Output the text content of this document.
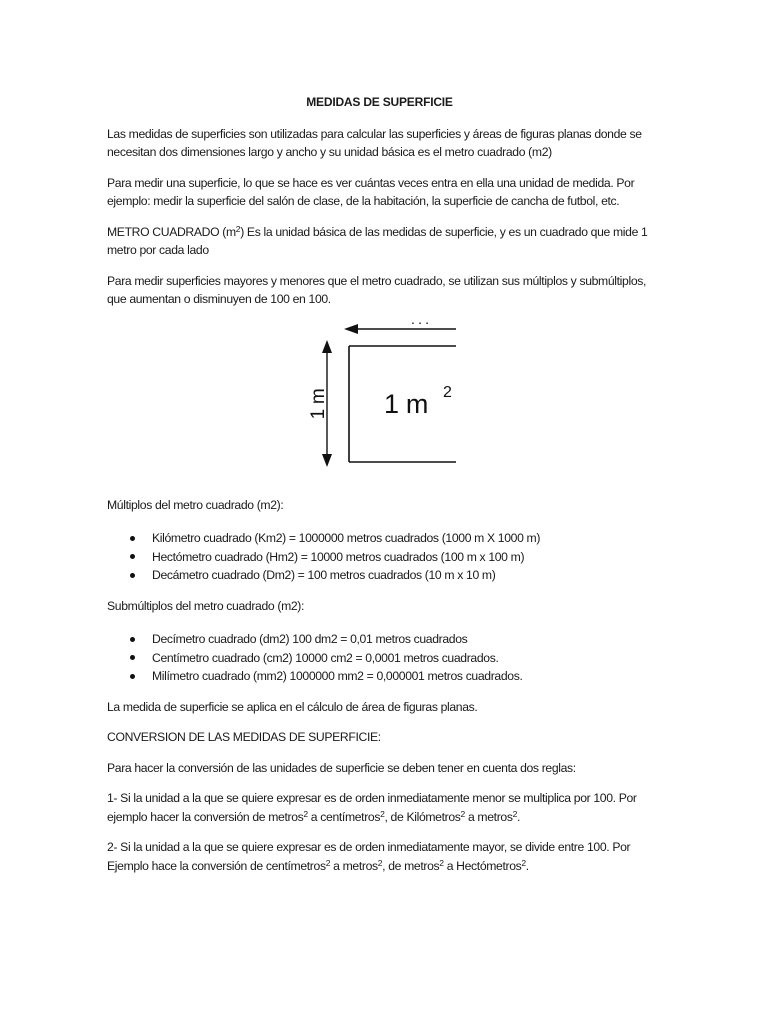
MEDIDAS DE SUPERFICIE

Las medidas de superficies son utilizadas para calcular las superficies y áreas de figuras planas donde se necesitan dos dimensiones largo y ancho y su unidad básica es el metro cuadrado (m2)

Para medir una superficie, lo que se hace es ver cuántas veces entra en ella una unidad de medida. Por ejemplo: medir la superficie del salón de clase, de la habitación, la superficie de cancha de futbol, etc.

METRO CUADRADO $(m^2)$ Es la unidad básica de las medidas de superficie, y es un cuadrado que mide 1 metro por cada lado

Para medir superficies mayores y menores que el metro cuadrado, se utilizan sus múltiplos y submúltiplos, que aumentan o disminuyen de 100 en 100.

. . .
1 m 1 m 2

Múltiplos del metro cuadrado (m2):

Kilómetro cuadrado (Km2) = 1000000 metros cuadrados (1000 m X 1000 m)
Hectómetro cuadrado (Hm2) = 10000 metros cuadrados (100 m x 100 m)
Decámetro cuadrado (Dm2) = 100 metros cuadrados (10 m x 10 m)

Submúltiplos del metro cuadrado (m2):

Decímetro cuadrado (dm2) 100 dm2 = 0,01 metros cuadrados
Centímetro cuadrado (cm2) 10000 cm2 = 0,0001 metros cuadrados.
Milímetro cuadrado (mm2) 1000000 mm2 = 0,000001 metros cuadrados.

La medida de superficie se aplica en el cálculo de área de figuras planas.

CONVERSION DE LAS MEDIDAS DE SUPERFICIE:

Para hacer la conversión de las unidades de superficie se deben tener en cuenta dos reglas:

1- Si la unidad a la que se quiere expresar es de orden inmediatamente menor se multiplica por 100. Por ejemplo hacer la conversión de metros$^2$ a centímetros$^2$, de Kilómetros$^2$ a metros$^2$.

2- Si la unidad a la que se quiere expresar es de orden inmediatamente mayor, se divide entre 100. Por Ejemplo hace la conversión de centímetros$^2$ a metros$^2$, de metros$^2$ a Hectómetros$^2$.
